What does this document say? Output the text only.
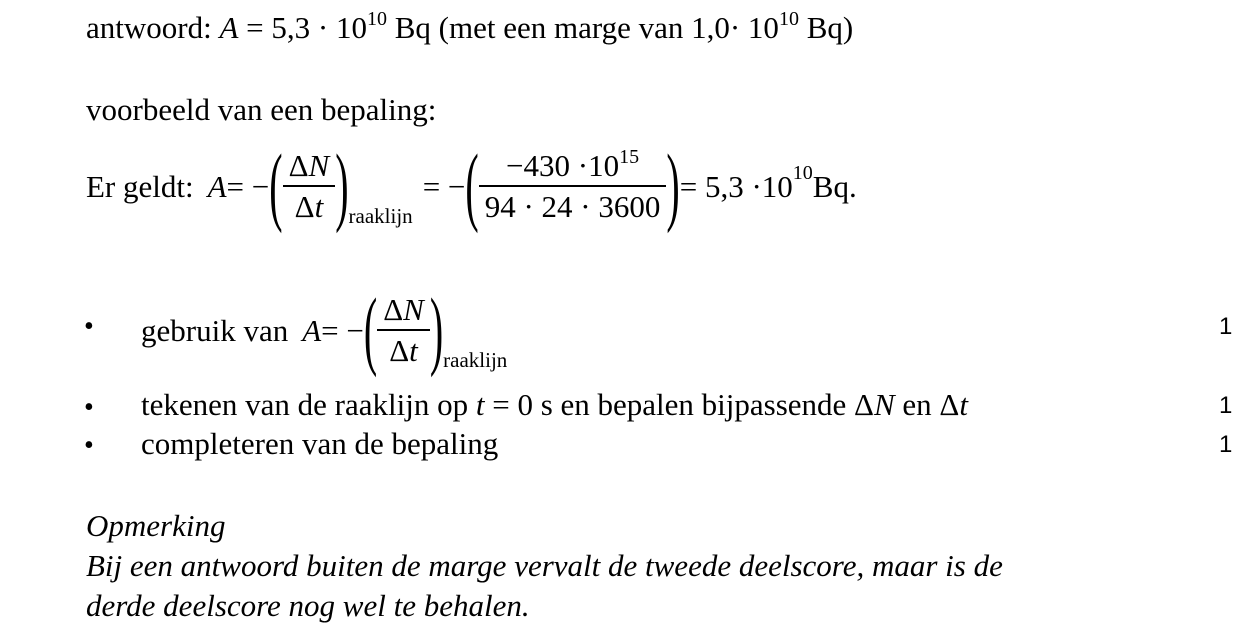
antwoord: $A = 5,3 \cdot 10^{10}$ Bq (met een marge van $1,0\cdot 10^{10}$ Bq)
voorbeeld van een bepaling:
Er geldt: A = − ( $\frac{\Delta N}{\Delta t}$ ) raaklijn
= − ( $\frac{-430 \cdot 10^{15}}{94 \cdot 24 \cdot 3600}$ ) = $5,3 \cdot 10^{10}$ Bq.
• gebruik van A = − ( $\frac{\Delta N}{\Delta t}$ ) raaklijn
1
• tekenen van de raaklijn op t = 0 s en bepalen bijpassende ΔN en Δt	1
• completeren van de bepaling	1
Opmerking
Bij een antwoord buiten de marge vervalt de tweede deelscore, maar is de
derde deelscore nog wel te behalen.
